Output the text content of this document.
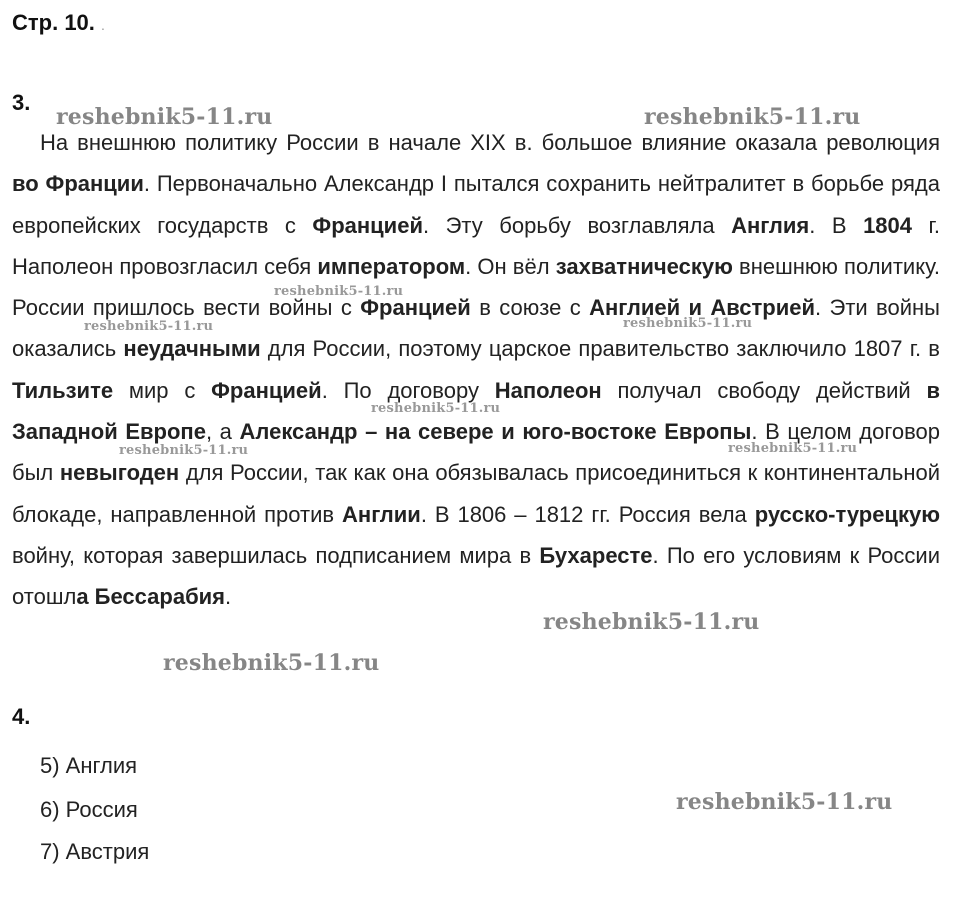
Стр. 10. .
3.

На внешнюю политику России в начале XIX в. большое влияние оказала революция во Франции. Первоначально Александр I пытался сохранить нейтралитет в борьбе ряда европейских государств с Францией. Эту борьбу возглавляла Англия. В 1804 г. Наполеон провозгласил себя императором. Он вёл захватническую внешнюю политику. России пришлось вести войны с Францией в союзе с Англией и Австрией. Эти войны оказались неудачными для России, поэтому царское правительство заключило 1807 г. в Тильзите мир с Францией. По договору Наполеон получал свободу действий в Западной Европе, а Александр – на севере и юго-востоке Европы. В целом договор был невыгоден для России, так как она обязывалась присоединиться к континентальной блокаде, направленной против Англии. В 1806 – 1812 гг. Россия вела русско-турецкую войну, которая завершилась подписанием мира в Бухаресте. По его условиям к России отошла Бессарабия.

4.
5) Англия
6) Россия
7) Австрия
reshebnik5-11.ru	reshebnik5-11.ru
reshebnik5-11.ru
reshebnik5-11.ru	reshebnik5-11.ru
reshebnik5-11.ru
reshebnik5-11.ru	reshebnik5-11.ru
reshebnik5-11.ru
reshebnik5-11.ru
reshebnik5-11.ru
